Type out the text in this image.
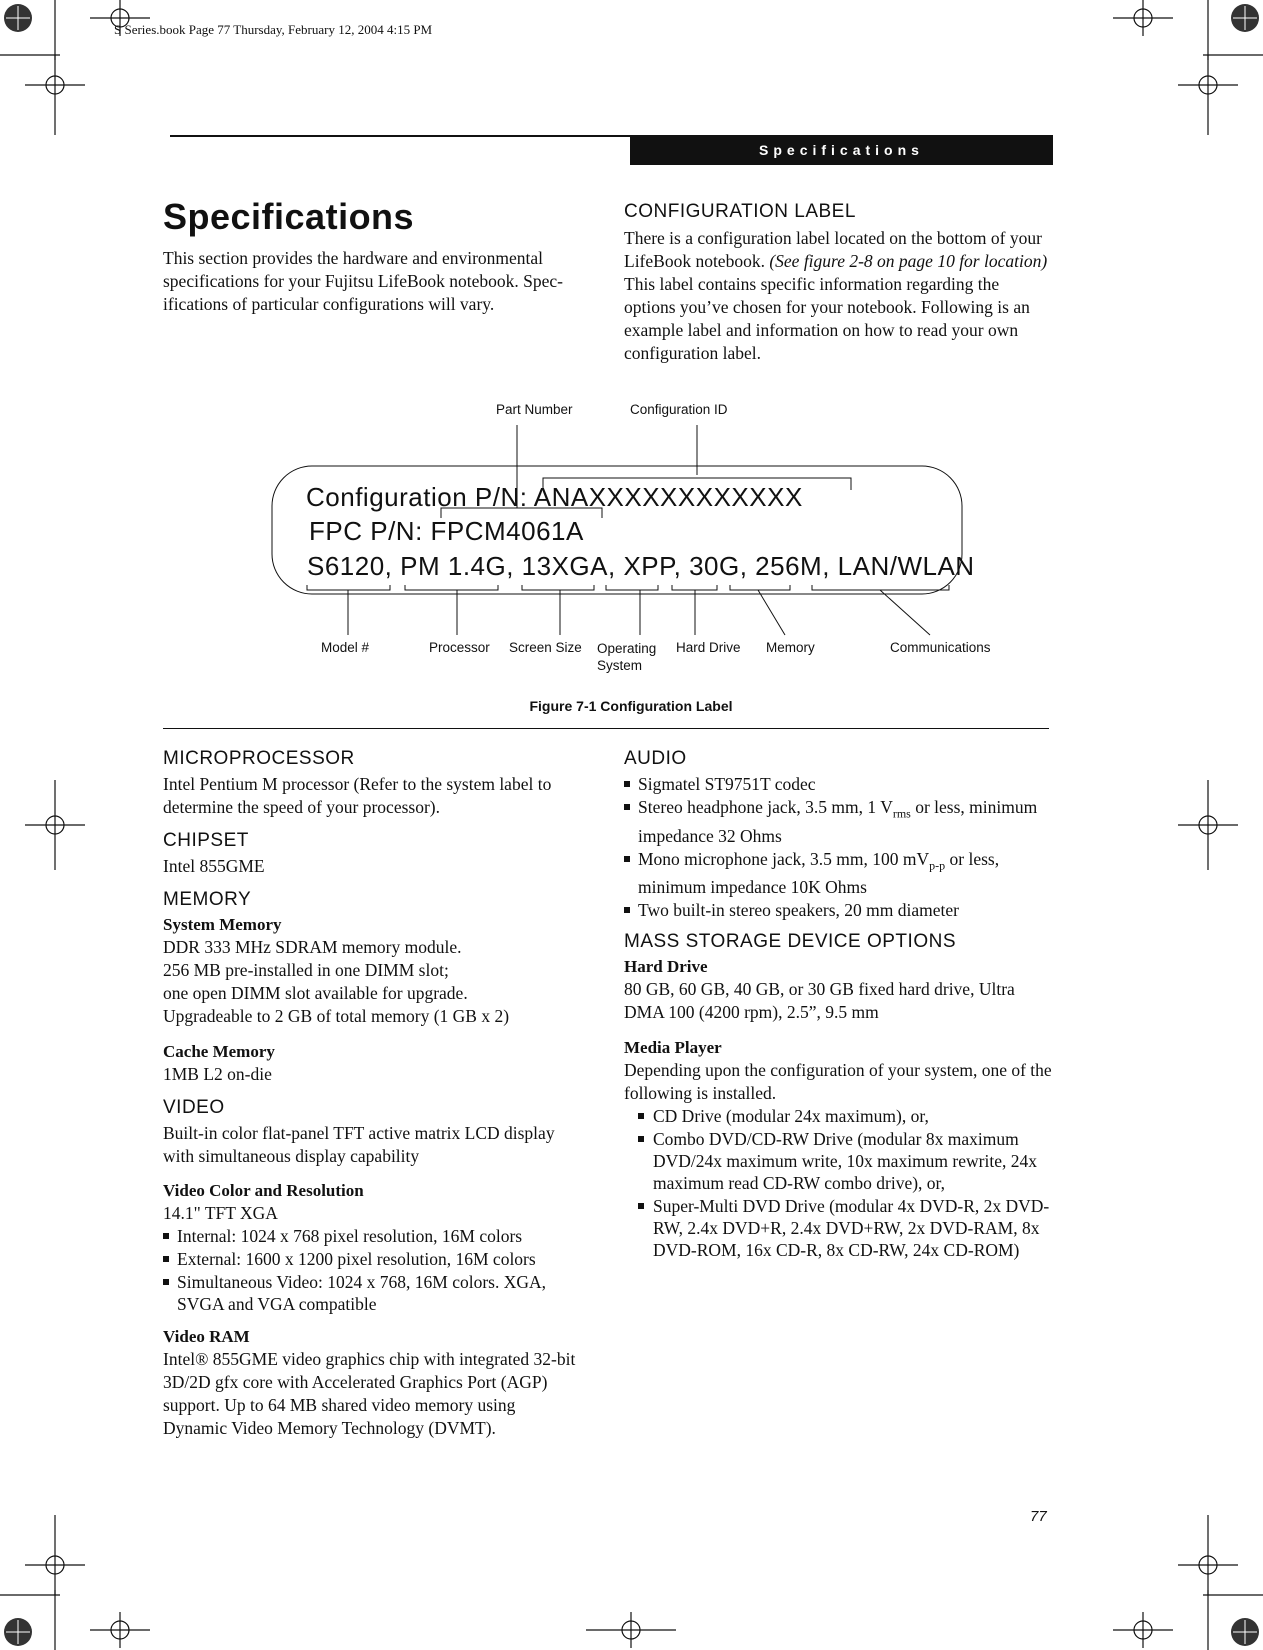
S Series.book Page 77 Thursday, February 12, 2004 4:15 PM
Specifications
Specifications

This section provides the hardware and environmental specifications for your Fujitsu LifeBook notebook. Spec-ifications of particular configurations will vary.

CONFIGURATION LABEL

There is a configuration label located on the bottom of your LifeBook notebook. (See figure 2-8 on page 10 for location) This label contains specific information regarding the options you’ve chosen for your notebook. Following is an example label and information on how to read your own configuration label.

Part Number	Configuration ID
Configuration P/N: ANAXXXXXXXXXXXX
FPC P/N: FPCM4061A
S6120, PM 1.4G, 13XGA, XPP, 30G, 256M, LAN/WLAN
Model #	Processor Screen Size Operating
System
Hard Drive Memory	Communications
Figure 7-1 Configuration Label
MICROPROCESSOR

Intel Pentium M processor (Refer to the system label to determine the speed of your processor).

CHIPSET

Intel 855GME

MEMORY
System Memory

DDR 333 MHz SDRAM memory module.

256 MB pre-installed in one DIMM slot;

one open DIMM slot available for upgrade.

Upgradeable to 2 GB of total memory (1 GB x 2)

Cache Memory

1MB L2 on-die

VIDEO

Built-in color flat-panel TFT active matrix LCD display with simultaneous display capability

Video Color and Resolution

14.1" TFT XGA

Internal: 1024 x 768 pixel resolution, 16M colors
External: 1600 x 1200 pixel resolution, 16M colors
Simultaneous Video: 1024 x 768, 16M colors. XGA, SVGA and VGA compatible
Video RAM

Intel® 855GME video graphics chip with integrated 32-bit 3D/2D gfx core with Accelerated Graphics Port (AGP) support. Up to 64 MB shared video memory using Dynamic Video Memory Technology (DVMT).

AUDIO
Sigmatel ST9751T codec
Stereo headphone jack, 3.5 mm, 1 $V_{rms}$ or less, minimum impedance 32 Ohms
Mono microphone jack, 3.5 mm, 100 $mV_{p-p}$ or less, minimum impedance 10K Ohms
Two built-in stereo speakers, 20 mm diameter
MASS STORAGE DEVICE OPTIONS
Hard Drive

80 GB, 60 GB, 40 GB, or 30 GB fixed hard drive, Ultra DMA 100 (4200 rpm), 2.5”, 9.5 mm

Media Player

Depending upon the configuration of your system, one of the following is installed.

CD Drive (modular 24x maximum), or,
Combo DVD/CD-RW Drive (modular 8x maximum DVD/24x maximum write, 10x maximum rewrite, 24x maximum read CD-RW combo drive), or,
Super-Multi DVD Drive (modular 4x DVD-R, 2x DVD-RW, 2.4x DVD+R, 2.4x DVD+RW, 2x DVD-RAM, 8x DVD-ROM, 16x CD-R, 8x CD-RW, 24x CD-ROM)
77
